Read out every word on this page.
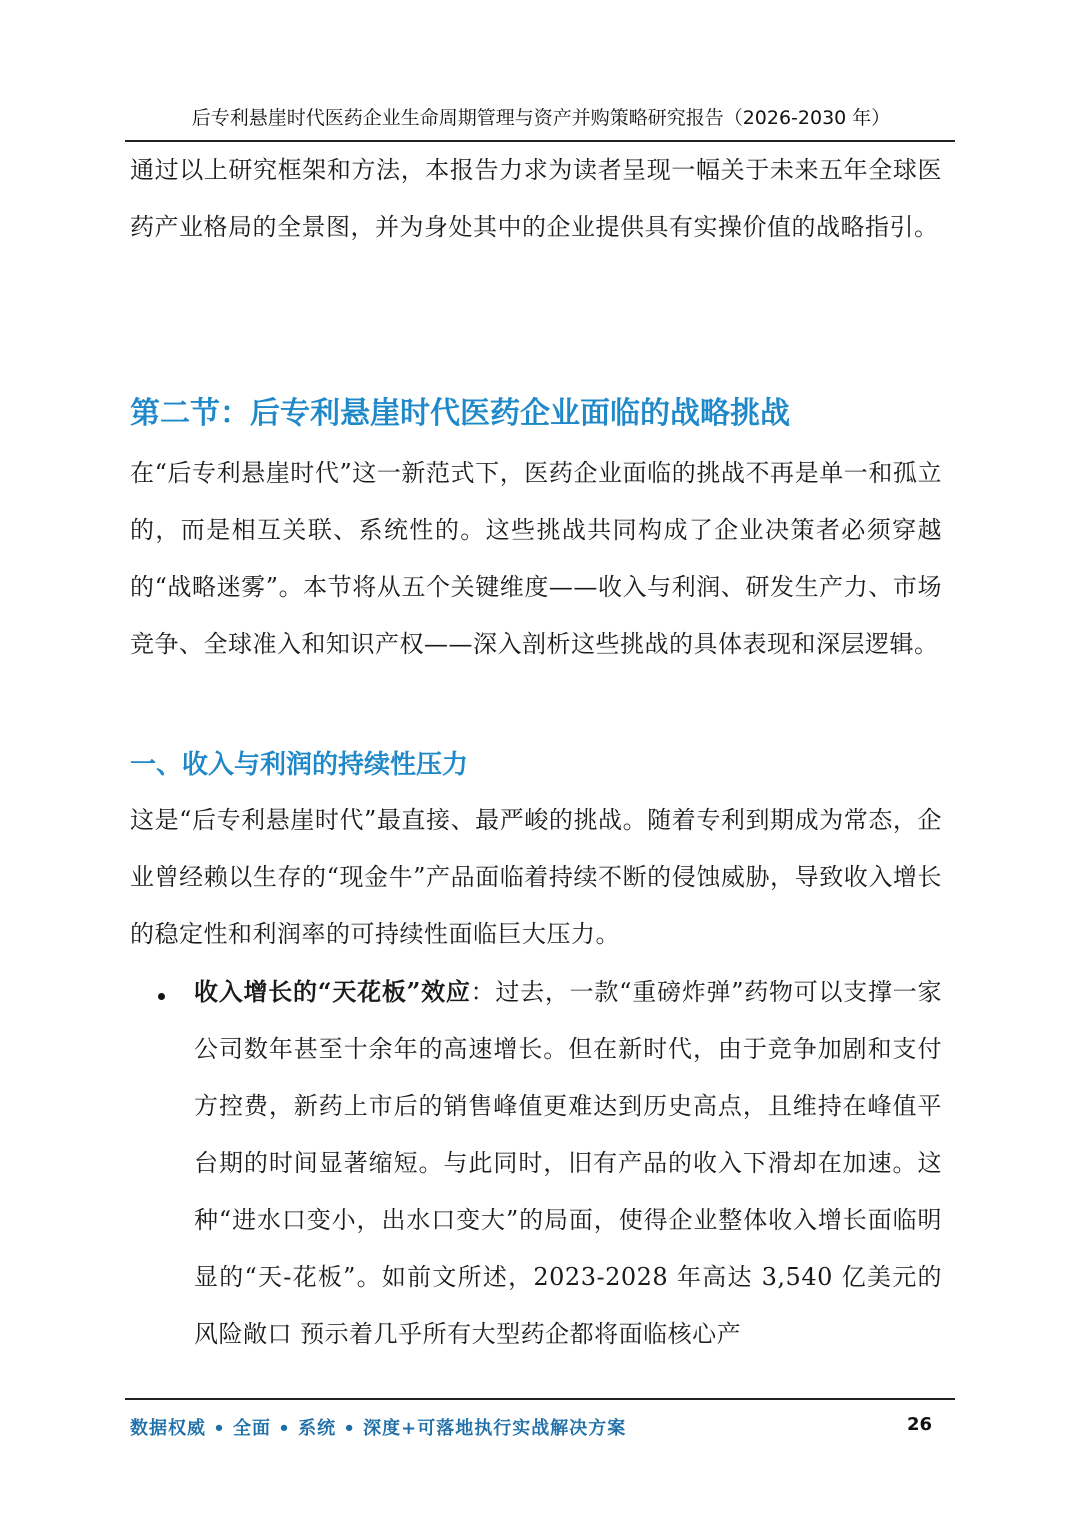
后专利悬崖时代医药企业生命周期管理与资产并购策略研究报告（2026-2030 年）
通过以上研究框架和方法，本报告力求为读者呈现一幅关于未来五年全球医药产业格局的全景图，并为身处其中的企业提供具有实操价值的战略指引。
第二节：后专利悬崖时代医药企业面临的战略挑战
在“后专利悬崖时代”这一新范式下，医药企业面临的挑战不再是单一和孤立的，而是相互关联、系统性的。这些挑战共同构成了企业决策者必须穿越的“战略迷雾”。本节将从五个关键维度——收入与利润、研发生产力、市场竞争、全球准入和知识产权——深入剖析这些挑战的具体表现和深层逻辑。
一、收入与利润的持续性压力
这是“后专利悬崖时代”最直接、最严峻的挑战。随着专利到期成为常态，企业曾经赖以生存的“现金牛”产品面临着持续不断的侵蚀威胁，导致收入增长的稳定性和利润率的可持续性面临巨大压力。
收入增长的“天花板”效应：过去，一款“重磅炸弹”药物可以支撑一家公司数年甚至十余年的高速增长。但在新时代，由于竞争加剧和支付方控费，新药上市后的销售峰值更难达到历史高点，且维持在峰值平台期的时间显著缩短。与此同时，旧有产品的收入下滑却在加速。这种“进水口变小，出水口变大”的局面，使得企业整体收入增长面临明显的“天-花板”。如前文所述，2023-2028 年高达 3,540 亿美元的风险敞口 预示着几乎所有大型药企都将面临核心产
数据权威 • 全面 • 系统 • 深度+可落地执行实战解决方案	26
